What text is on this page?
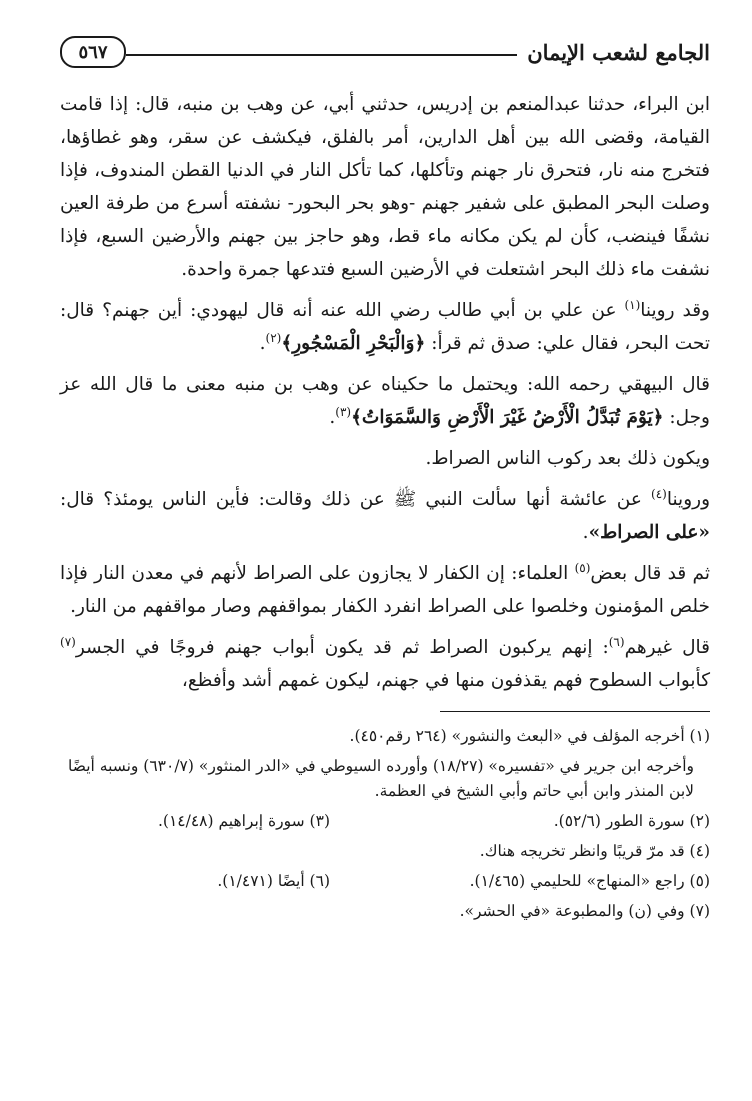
الجامع لشعب الإيمان
٥٦٧

ابن البراء، حدثنا عبدالمنعم بن إدريس، حدثني أبي، عن وهب بن منبه، قال: إذا قامت القيامة، وقضى الله بين أهل الدارين، أمر بالفلق، فيكشف عن سقر، وهو غطاؤها، فتخرج منه نار، فتحرق نار جهنم وتأكلها، كما تأكل النار في الدنيا القطن المندوف، فإذا وصلت البحر المطبق على شفير جهنم -وهو بحر البحور- نشفته أسرع من طرفة العين نشفًا فينضب، كأن لم يكن مكانه ماء قط، وهو حاجز بين جهنم والأرضين السبع، فإذا نشفت ماء ذلك البحر اشتعلت في الأرضين السبع فتدعها جمرة واحدة.

وقد روينا$^{(١)}$ عن علي بن أبي طالب رضي الله عنه أنه قال ليهودي: أين جهنم؟ قال: تحت البحر، فقال علي: صدق ثم قرأ: ﴿وَالْبَحْرِ الْمَسْجُورِ﴾$^{(٢)}$.

قال البيهقي رحمه الله: ويحتمل ما حكيناه عن وهب بن منبه معنى ما قال الله عز وجل: ﴿يَوْمَ تُبَدَّلُ الْأَرْضُ غَيْرَ الْأَرْضِ وَالسَّمَوَاتُ﴾$^{(٣)}$.

ويكون ذلك بعد ركوب الناس الصراط.

وروينا$^{(٤)}$ عن عائشة أنها سألت النبي ﷺ عن ذلك وقالت: فأين الناس يومئذ؟ قال: «على الصراط».

ثم قد قال بعض$^{(٥)}$ العلماء: إن الكفار لا يجازون على الصراط لأنهم في معدن النار فإذا خلص المؤمنون وخلصوا على الصراط انفرد الكفار بمواقفهم وصار مواقفهم من النار.

قال غيرهم$^{(٦)}$: إنهم يركبون الصراط ثم قد يكون أبواب جهنم فروجًا في الجسر$^{(٧)}$ كأبواب السطوح فهم يقذفون منها في جهنم، ليكون غمهم أشد وأفظع،

(١) أخرجه المؤلف في «البعث والنشور» (٢٦٤ رقم٤٥٠).

وأخرجه ابن جرير في «تفسيره» (١٨/٢٧) وأورده السيوطي في «الدر المنثور» (٦٣٠/٧) ونسبه أيضًا لابن المنذر وابن أبي حاتم وأبي الشيخ في العظمة.

(٢) سورة الطور (٥٢/٦).

(٣) سورة إبراهيم (١٤/٤٨).

(٤) قد مرّ قريبًا وانظر تخريجه هناك.

(٥) راجع «المنهاج» للحليمي (١/٤٦٥).

(٦) أيضًا (١/٤٧١).

(٧) وفي (ن) والمطبوعة «في الحشر».
